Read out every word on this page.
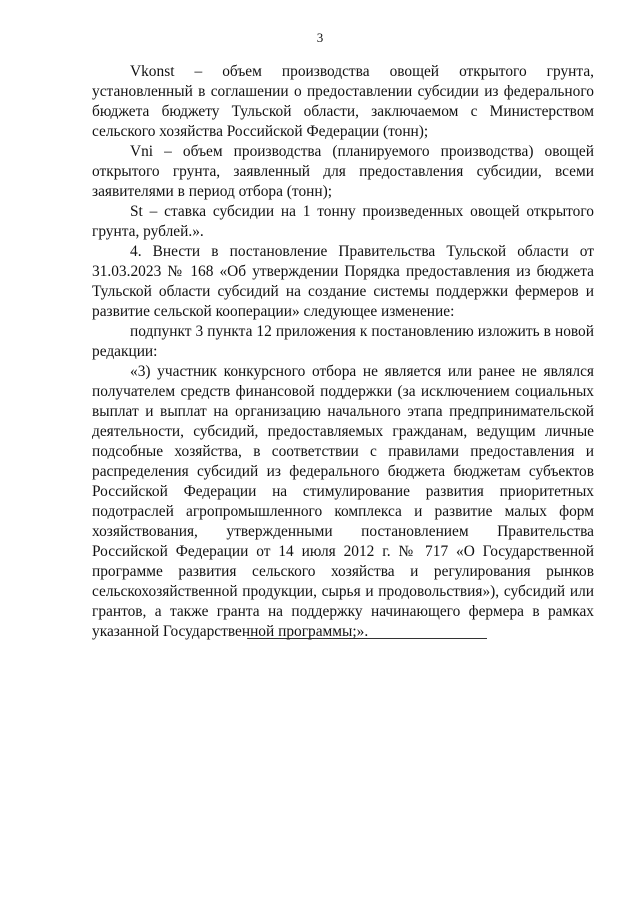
3

Vkonst – объем производства овощей открытого грунта, установленный в соглашении о предоставлении субсидии из федерального бюджета бюджету Тульской области, заключаемом с Министерством сельского хозяйства Российской Федерации (тонн);

Vni – объем производства (планируемого производства) овощей открытого грунта, заявленный для предоставления субсидии, всеми заявителями в период отбора (тонн);

St – ставка субсидии на 1 тонну произведенных овощей открытого грунта, рублей.».

4. Внести в постановление Правительства Тульской области от 31.03.2023 № 168 «Об утверждении Порядка предоставления из бюджета Тульской области субсидий на создание системы поддержки фермеров и развитие сельской кооперации» следующее изменение:

подпункт 3 пункта 12 приложения к постановлению изложить в новой редакции:

«3) участник конкурсного отбора не является или ранее не являлся получателем средств финансовой поддержки (за исключением социальных выплат и выплат на организацию начального этапа предпринимательской деятельности, субсидий, предоставляемых гражданам, ведущим личные подсобные хозяйства, в соответствии с правилами предоставления и распределения субсидий из федерального бюджета бюджетам субъектов Российской Федерации на стимулирование развития приоритетных подотраслей агропромышленного комплекса и развитие малых форм хозяйствования, утвержденными постановлением Правительства Российской Федерации от 14 июля 2012 г. № 717 «О Государственной программе развития сельского хозяйства и регулирования рынков сельскохозяйственной продукции, сырья и продовольствия»), субсидий или грантов, а также гранта на поддержку начинающего фермера в рамках указанной Государственной программы;».
